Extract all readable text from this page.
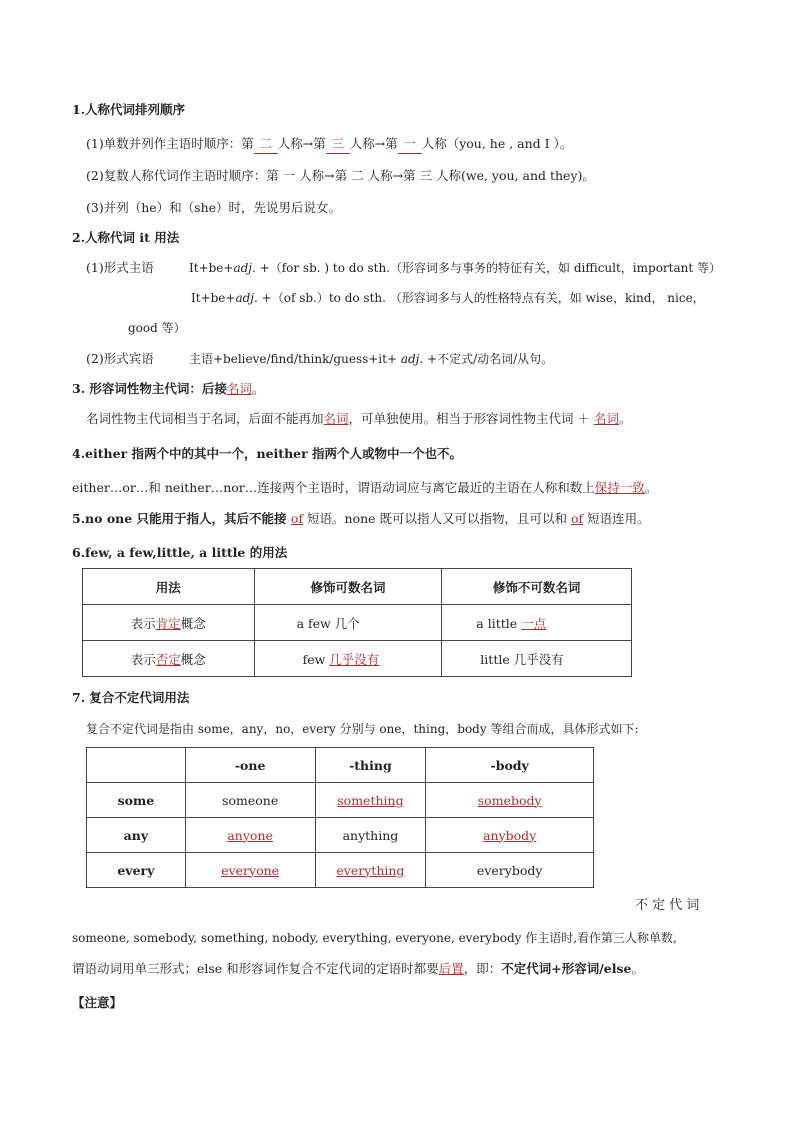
1.人称代词排列顺序
(1)单数并列作主语时顺序：第 二 人称→第 三 人称→第 一 人称（you, he , and I ）。
(2)复数人称代词作主语时顺序：第 一 人称→第 二 人称→第 三 人称(we, you, and they)。
(3)并列（he）和（she）时，先说男后说女。
2.人称代词 it 用法
(1)形式主语	It+be+adj. +（for sb. ) to do sth.（形容词多与事务的特征有关，如 difficult，important 等）
It+be+adj. +（of sb.）to do sth. （形容词多与人的性格特点有关，如 wise，kind， nice，
good 等）
(2)形式宾语	主语+believe/find/think/guess+it+ adj. +不定式/动名词/从句。
3. 形容词性物主代词：后接名词。
名词性物主代词相当于名词，后面不能再加名词，可单独使用。相当于形容词性物主代词 ＋ 名词。
4.either 指两个中的其中一个，neither 指两个人或物中一个也不。
either…or…和 neither…nor…连接两个主语时，谓语动词应与离它最近的主语在人称和数上保持一致。
5.no one 只能用于指人，其后不能接 of 短语。none 既可以指人又可以指物，且可以和 of 短语连用。
6.few, a few,little, a little 的用法
用法	修饰可数名词	修饰不可数名词
表示肯定概念	a few 几个	a little 一点
表示否定概念	few 几乎没有	little 几乎没有
7. 复合不定代词用法
复合不定代词是指由 some，any，no，every 分别与 one，thing，body 等组合而成，具体形式如下:
	-one	-thing	-body
some	someone	something	somebody
any	anyone	anything	anybody
every	everyone	everything	everybody
不 定 代 词
someone, somebody, something, nobody, everything, everyone, everybody 作主语时,看作第三人称单数,
谓语动词用单三形式；else 和形容词作复合不定代词的定语时都要后置，即：不定代词+形容词/else。
【注意】
